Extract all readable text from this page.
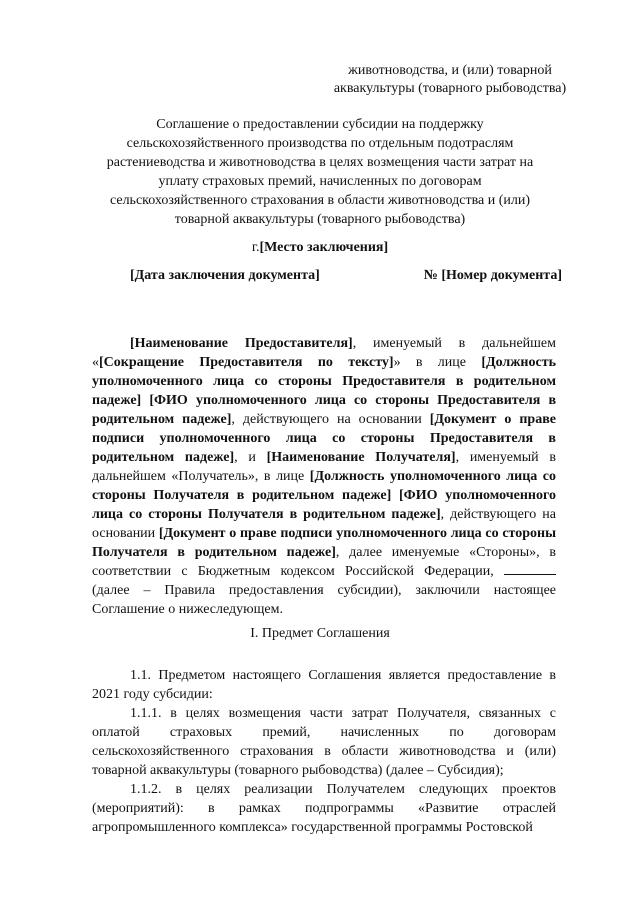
животноводства, и (или) товарной
аквакультуры (товарного рыбоводства)
Соглашение о предоставлении субсидии на поддержку сельскохозяйственного производства по отдельным подотраслям растениеводства и животноводства в целях возмещения части затрат на уплату страховых премий, начисленных по договорам сельскохозяйственного страхования в области животноводства и (или) товарной аквакультуры (товарного рыбоводства)
г.[Место заключения]
[Дата заключения документа]	№ [Номер документа]
[Наименование Предоставителя], именуемый в дальнейшем «[Сокращение Предоставителя по тексту]» в лице [Должность уполномоченного лица со стороны Предоставителя в родительном падеже] [ФИО уполномоченного лица со стороны Предоставителя в родительном падеже], действующего на основании [Документ о праве подписи уполномоченного лица со стороны Предоставителя в родительном падеже], и [Наименование Получателя], именуемый в дальнейшем «Получатель», в лице [Должность уполномоченного лица со стороны Получателя в родительном падеже] [ФИО уполномоченного лица со стороны Получателя в родительном падеже], действующего на основании [Документ о праве подписи уполномоченного лица со стороны Получателя в родительном падеже], далее именуемые «Стороны», в соответствии с Бюджетным кодексом Российской Федерации,  (далее – Правила предоставления субсидии), заключили настоящее Соглашение о нижеследующем.
I. Предмет Соглашения
1.1. Предметом настоящего Соглашения является предоставление в 2021 году субсидии:
1.1.1. в целях возмещения части затрат Получателя, связанных с оплатой страховых премий, начисленных по договорам сельскохозяйственного страхования в области животноводства и (или) товарной аквакультуры (товарного рыбоводства) (далее – Субсидия);
1.1.2. в целях реализации Получателем следующих проектов (мероприятий): в рамках подпрограммы «Развитие отраслей агропромышленного комплекса» государственной программы Ростовской
